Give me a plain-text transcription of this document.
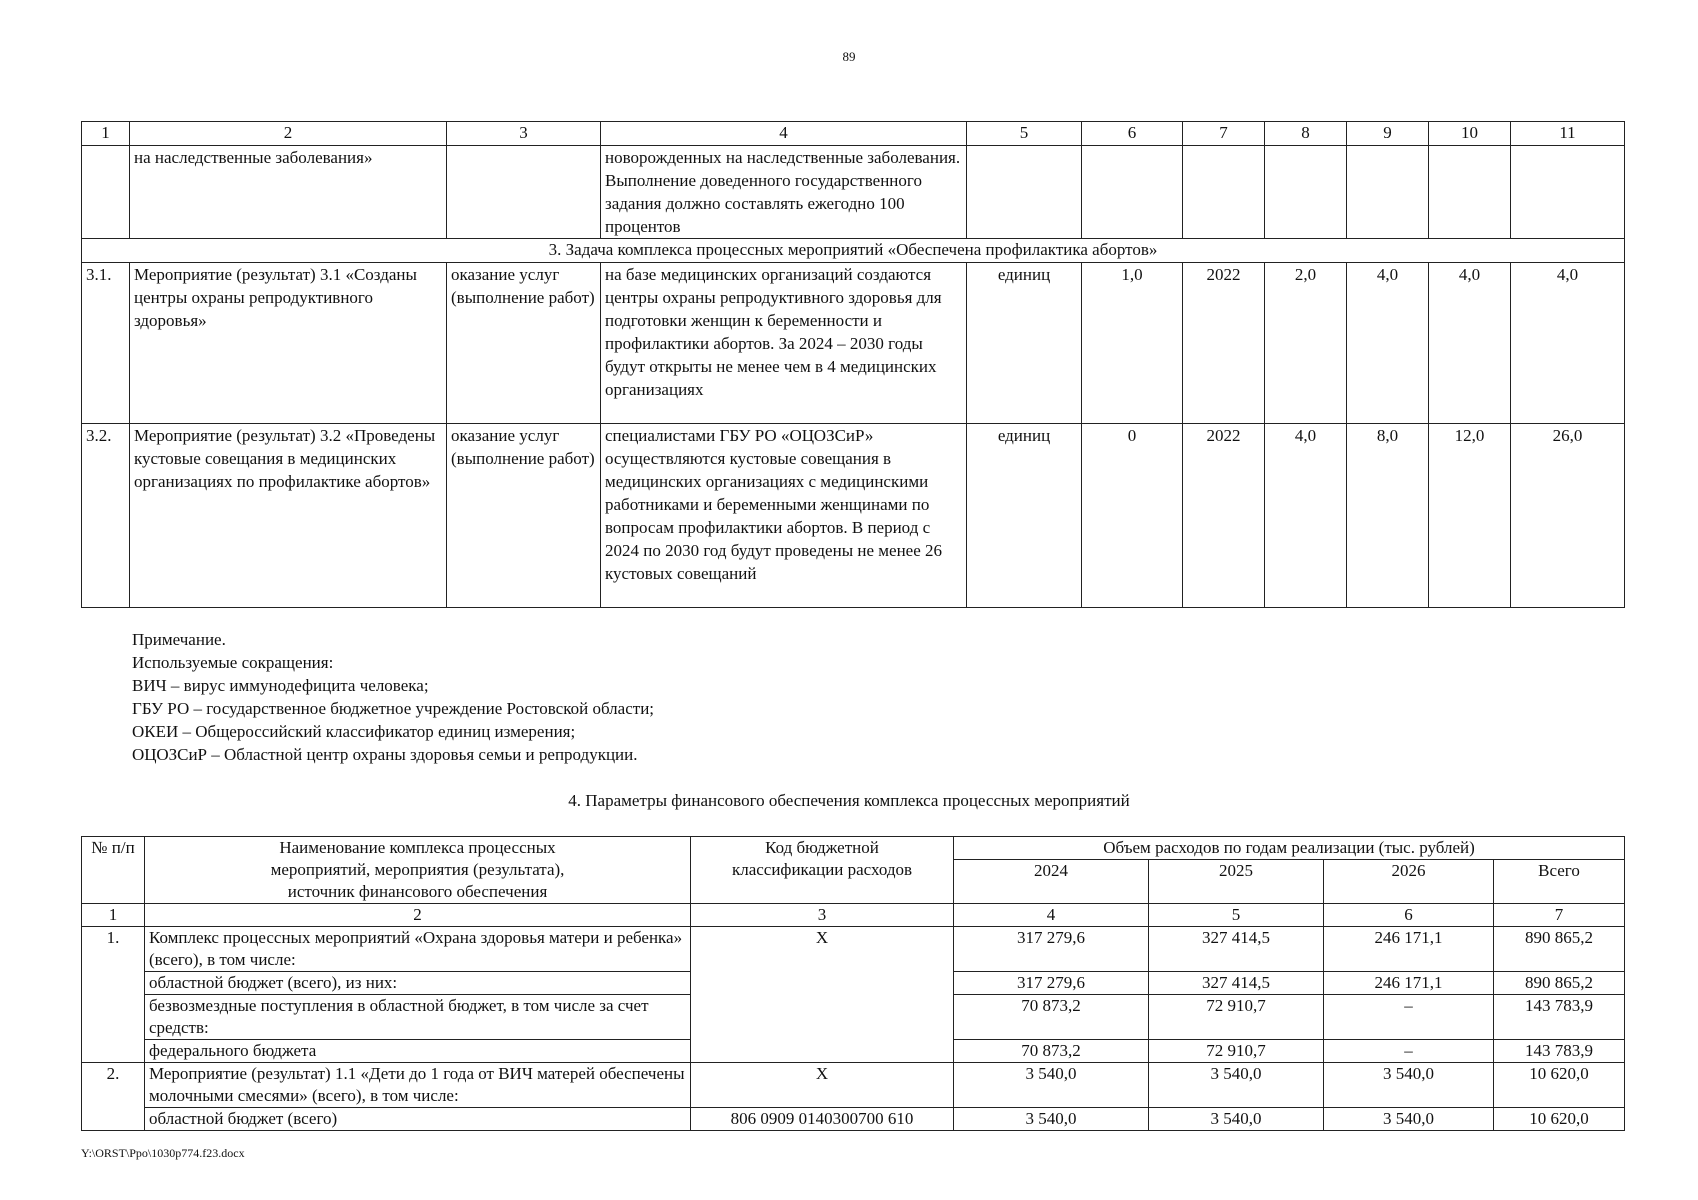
89
1	2	3	4	5	6	7	8	9	10	11
	на наследственные заболевания»		новорожденных на наследственные заболевания. Выполнение доведенного государственного задания должно составлять ежегодно 100 процентов							
3. Задача комплекса процессных мероприятий «Обеспечена профилактика абортов»										
3.1.	Мероприятие (результат) 3.1 «Созданы центры охраны репродуктивного здоровья»	оказание услуг (выполнение работ)	на базе медицинских организаций создаются центры охраны репродуктивного здоровья для подготовки женщин к беременности и профилактики абортов. За 2024 – 2030 годы будут открыты не менее чем в 4 медицинских организациях	единиц	1,0	2022	2,0	4,0	4,0	4,0
3.2.	Мероприятие (результат) 3.2 «Проведены кустовые совещания в медицинских организациях по профилактике абортов»	оказание услуг (выполнение работ)	специалистами ГБУ РО «ОЦОЗСиР» осуществляются кустовые совещания в медицинских организациях с медицинскими работниками и беременными женщинами по вопросам профилактики абортов. В период с 2024 по 2030 год будут проведены не менее 26 кустовых совещаний	единиц	0	2022	4,0	8,0	12,0	26,0
Примечание.
Используемые сокращения:
ВИЧ – вирус иммунодефицита человека;
ГБУ РО – государственное бюджетное учреждение Ростовской области;
ОКЕИ – Общероссийский классификатор единиц измерения;
ОЦОЗСиР – Областной центр охраны здоровья семьи и репродукции.
4. Параметры финансового обеспечения комплекса процессных мероприятий
№ п/п	Наименование комплекса процессных мероприятий, мероприятия (результата), источник финансового обеспечения	Код бюджетной классификации расходов	Объем расходов по годам реализации (тыс. рублей)			
			2024	2025	2026	Всего
1	2	3	4	5	6	7
1.	Комплекс процессных мероприятий «Охрана здоровья матери и ребенка» (всего), в том числе:	X	317 279,6	327 414,5	246 171,1	890 865,2
	областной бюджет (всего), из них:		317 279,6	327 414,5	246 171,1	890 865,2
	безвозмездные поступления в областной бюджет, в том числе за счет средств:		70 873,2	72 910,7	–	143 783,9
	федерального бюджета		70 873,2	72 910,7	–	143 783,9
2.	Мероприятие (результат) 1.1 «Дети до 1 года от ВИЧ матерей обеспечены молочными смесями» (всего), в том числе:	X	3 540,0	3 540,0	3 540,0	10 620,0
	областной бюджет (всего)	806 0909 0140300700 610	3 540,0	3 540,0	3 540,0	10 620,0
Y:\ORST\Ppo\1030p774.f23.docx
